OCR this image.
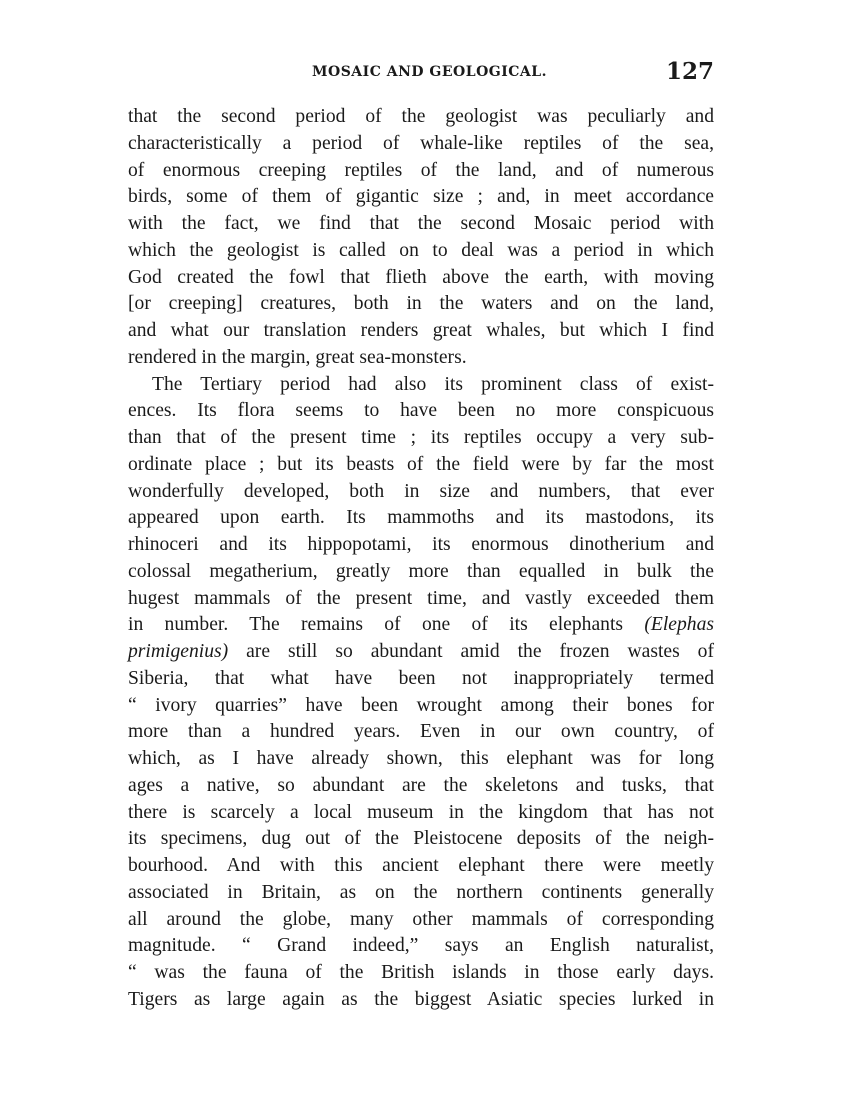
MOSAIC AND GEOLOGICAL.	127
that the second period of the geologist was peculiarly and
characteristically a period of whale-like reptiles of the sea,
of enormous creeping reptiles of the land, and of numerous
birds, some of them of gigantic size ; and, in meet accordance
with the fact, we find that the second Mosaic period with
which the geologist is called on to deal was a period in which
God created the fowl that flieth above the earth, with moving
[or creeping] creatures, both in the waters and on the land,
and what our translation renders great whales, but which I find
rendered in the margin, great sea-monsters.
The Tertiary period had also its prominent class of exist-
ences. Its flora seems to have been no more conspicuous
than that of the present time ; its reptiles occupy a very sub-
ordinate place ; but its beasts of the field were by far the most
wonderfully developed, both in size and numbers, that ever
appeared upon earth. Its mammoths and its mastodons, its
rhinoceri and its hippopotami, its enormous dinotherium and
colossal megatherium, greatly more than equalled in bulk the
hugest mammals of the present time, and vastly exceeded them
in number. The remains of one of its elephants (Elephas
primigenius) are still so abundant amid the frozen wastes of
Siberia, that what have been not inappropriately termed
“ ivory quarries” have been wrought among their bones for
more than a hundred years. Even in our own country, of
which, as I have already shown, this elephant was for long
ages a native, so abundant are the skeletons and tusks, that
there is scarcely a local museum in the kingdom that has not
its specimens, dug out of the Pleistocene deposits of the neigh-
bourhood. And with this ancient elephant there were meetly
associated in Britain, as on the northern continents generally
all around the globe, many other mammals of corresponding
magnitude. “ Grand indeed,” says an English naturalist,
“ was the fauna of the British islands in those early days.
Tigers as large again as the biggest Asiatic species lurked in
